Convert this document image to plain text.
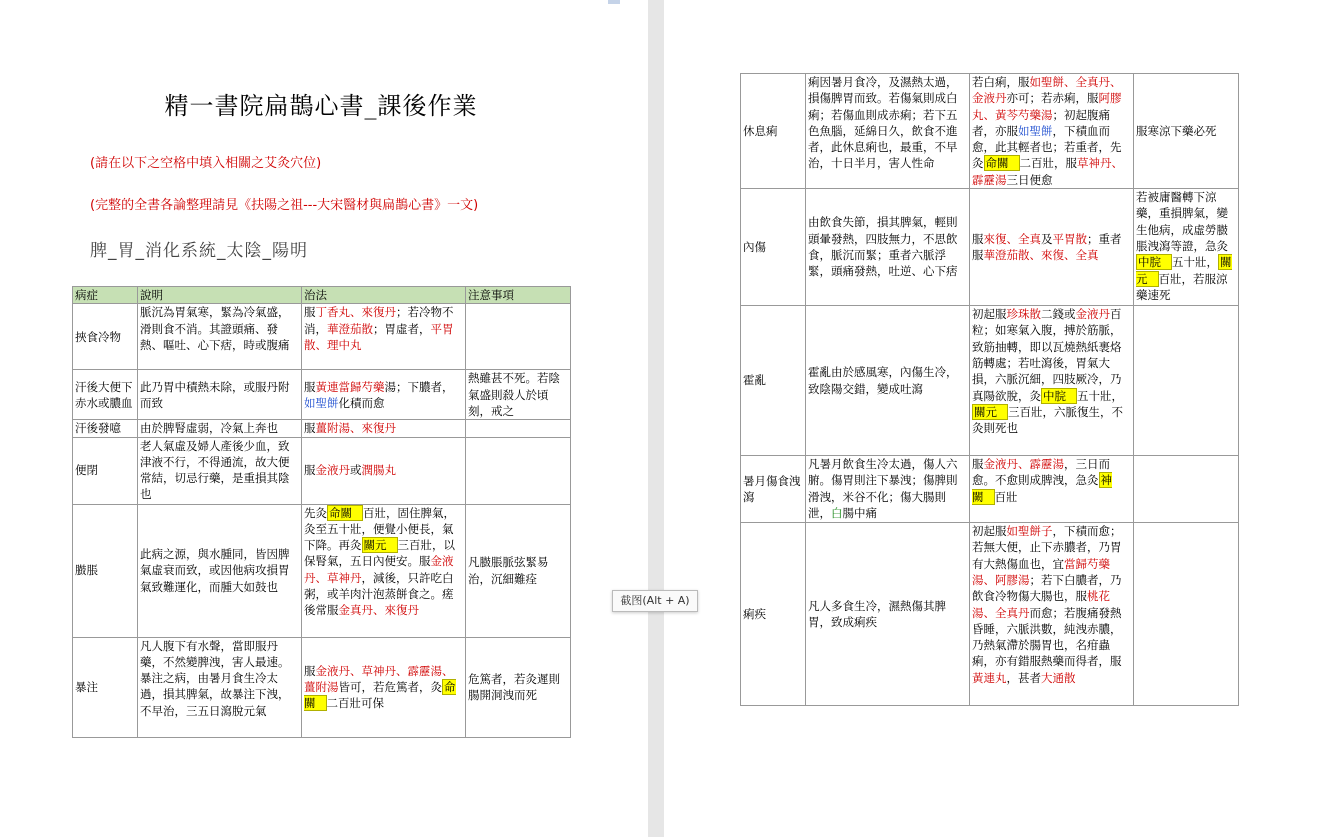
精一書院扁鵲心書_課後作業
(請在以下之空格中填入相關之艾灸穴位)
(完整的全書各論整理請見《扶陽之祖---大宋醫材與扁鵲心書》一文)
脾_胃_消化系統_太陰_陽明
病症	說明	治法	注意事項
挾食冷物	脈沉為胃氣寒，緊為冷氣盛，滑則食不消。其證頭痛、發熱、嘔吐、心下痞，時或腹痛	服丁香丸、來復丹；若冷物不消，華澄茄散；胃虛者，平胃散、理中丸	
汗後大便下赤水或膿血	此乃胃中積熱未除，或服丹附而致	服黃連當歸芍藥湯；下膿者，如聖餅化積而愈	熱雖甚不死。若陰氣盛則殺人於頃刻，戒之
汗後發噫	由於脾腎虛弱，冷氣上奔也	服薑附湯、來復丹	
便閉	老人氣虛及婦人產後少血，致津液不行，不得通流，故大便常結，切忌行藥，是重損其陰也	服金液丹或潤腸丸	
臌脹	此病之源，與水腫同，皆因脾氣虛衰而致，或因他病攻損胃氣致難運化，而腫大如鼓也	先灸 命關 百壯，固住脾氣，灸至五十壯，便覺小便長，氣下降。再灸 關元 三百壯，以保腎氣，五日內便安。服金液丹、草神丹，減後，只許吃白粥，或羊肉汁泡蒸餅食之。瘥後常服金真丹、來復丹	凡臌脹脈弦緊易治，沉細難痊
暴注	凡人腹下有水聲，當即服丹藥，不然變脾洩，害人最速。暴注之病，由暑月食生冷太過，損其脾氣，故暴注下洩，不早治，三五日瀉脫元氣	服金液丹、草神丹、霹靂湯、薑附湯皆可，若危篤者，灸 命關 二百壯可保	危篤者，若灸遲則腸開洞洩而死
休息痢	痢因暑月食冷，及濕熱太過，損傷脾胃而致。若傷氣則成白痢；若傷血則成赤痢；若下五色魚腦，延綿日久，飲食不進者，此休息痢也，最重，不早治，十日半月，害人性命	若白痢，服如聖餅、全真丹、金液丹亦可；若赤痢，服阿膠丸、黃芩芍藥湯；初起腹痛者，亦服如聖餅，下積血而愈，此其輕者也；若重者，先灸 命關 二百壯，服草神丹、霹靂湯三日便愈	服寒涼下藥必死
內傷	由飲食失節，損其脾氣，輕則頭暈發熱，四肢無力，不思飲食，脈沉而緊；重者六脈浮緊，頭痛發熱，吐逆、心下痞	服來復、全真及平胃散；重者服華澄茄散、來復、全真	若被庸醫轉下涼藥，重損脾氣，變生他病，成虛勞臌脹洩瀉等證，急灸中脘 五十壯， 關元 百壯，若服涼藥速死
霍亂	霍亂由於感風寒，內傷生冷，致陰陽交錯，變成吐瀉	初起服珍珠散二錢或金液丹百粒；如寒氣入腹，搏於筋脈，致筋抽轉，即以瓦燒熱紙裹烙筋轉處；若吐瀉後，胃氣大損，六脈沉細，四肢厥冷，乃真陽欲脫，灸 中脘 五十壯，關元 三百壯，六脈復生，不灸則死也	
暑月傷食洩瀉	凡暑月飲食生冷太過，傷人六腑。傷胃則注下暴洩；傷脾則滑洩，米谷不化；傷大腸則泄，白腸中痛	服金液丹、霹靂湯，三日而愈。不愈則成脾洩，急灸 神闕 百壯	
痢疾	凡人多食生冷，濕熱傷其脾胃，致成痢疾	初起服如聖餅子，下積而愈；若無大便，止下赤膿者，乃胃有大熱傷血也，宜當歸芍藥湯、阿膠湯；若下白膿者，乃飲食冷物傷大腸也，服桃花湯、全真丹而愈；若腹痛發熱昏睡，六脈洪數，純洩赤膿，乃熱氣滯於腸胃也，名疳蟲痢，亦有錯服熱藥而得者，服黃連丸，甚者大通散	
截图(Alt + A)
